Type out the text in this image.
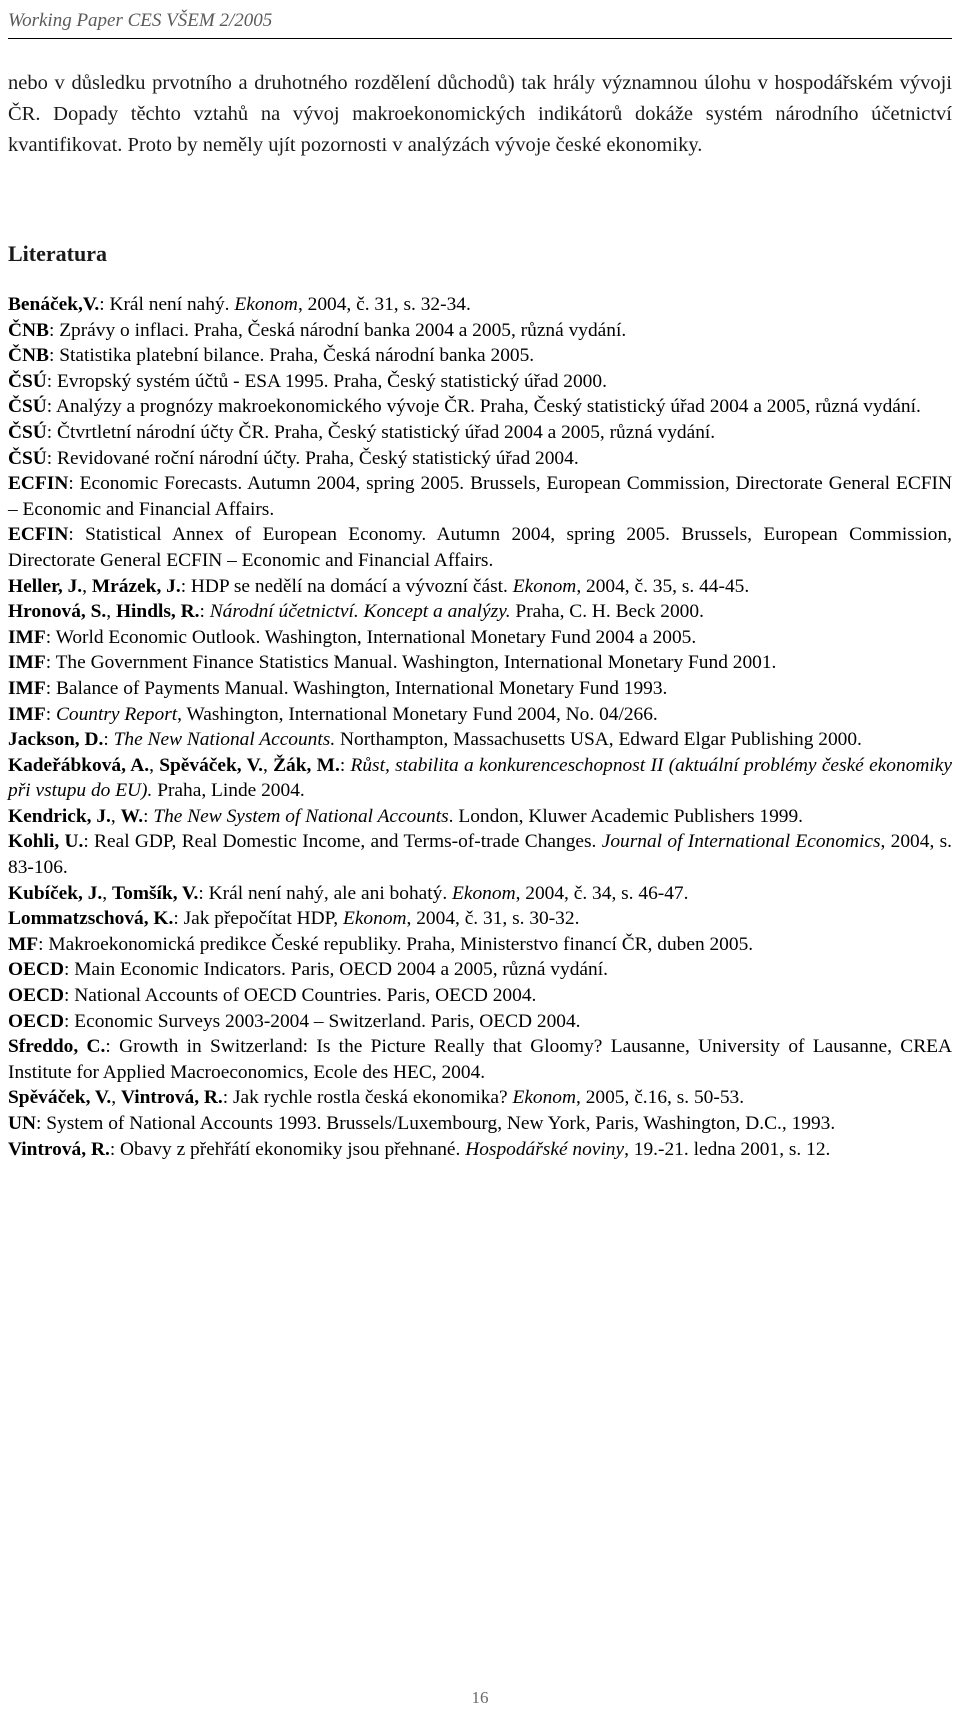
Working Paper CES VŠEM 2/2005

nebo v důsledku prvotního a druhotného rozdělení důchodů) tak hrály významnou úlohu v hospodářském vývoji ČR. Dopady těchto vztahů na vývoj makroekonomických indikátorů dokáže systém národního účetnictví kvantifikovat. Proto by neměly ujít pozornosti v analýzách vývoje české ekonomiky.

Literatura

Benáček,V.: Král není nahý. Ekonom, 2004, č. 31, s. 32-34.

ČNB: Zprávy o inflaci. Praha, Česká národní banka 2004 a 2005, různá vydání.

ČNB: Statistika platební bilance. Praha, Česká národní banka 2005.

ČSÚ: Evropský systém účtů - ESA 1995. Praha, Český statistický úřad 2000.

ČSÚ: Analýzy a prognózy makroekonomického vývoje ČR. Praha, Český statistický úřad 2004 a 2005, různá vydání.

ČSÚ: Čtvrtletní národní účty ČR. Praha, Český statistický úřad 2004 a 2005, různá vydání.

ČSÚ: Revidované roční národní účty. Praha, Český statistický úřad 2004.

ECFIN: Economic Forecasts. Autumn 2004, spring 2005. Brussels, European Commission, Directorate General ECFIN – Economic and Financial Affairs.

ECFIN: Statistical Annex of European Economy. Autumn 2004, spring 2005. Brussels, European Commission, Directorate General ECFIN – Economic and Financial Affairs.

Heller, J., Mrázek, J.: HDP se nedělí na domácí a vývozní část. Ekonom, 2004, č. 35, s. 44-45.

Hronová, S., Hindls, R.: Národní účetnictví. Koncept a analýzy. Praha, C. H. Beck 2000.

IMF: World Economic Outlook. Washington, International Monetary Fund 2004 a 2005.

IMF: The Government Finance Statistics Manual. Washington, International Monetary Fund 2001.

IMF: Balance of Payments Manual. Washington, International Monetary Fund 1993.

IMF: Country Report, Washington, International Monetary Fund 2004, No. 04/266.

Jackson, D.: The New National Accounts. Northampton, Massachusetts USA, Edward Elgar Publishing 2000.

Kadeřábková, A., Spěváček, V., Žák, M.: Růst, stabilita a konkurenceschopnost II (aktuální problémy české ekonomiky při vstupu do EU). Praha, Linde 2004.

Kendrick, J., W.: The New System of National Accounts. London, Kluwer Academic Publishers 1999.

Kohli, U.: Real GDP, Real Domestic Income, and Terms-of-trade Changes. Journal of International Economics, 2004, s. 83-106.

Kubíček, J., Tomšík, V.: Král není nahý, ale ani bohatý. Ekonom, 2004, č. 34, s. 46-47.

Lommatzschová, K.: Jak přepočítat HDP, Ekonom, 2004, č. 31, s. 30-32.

MF: Makroekonomická predikce České republiky. Praha, Ministerstvo financí ČR, duben 2005.

OECD: Main Economic Indicators. Paris, OECD 2004 a 2005, různá vydání.

OECD: National Accounts of OECD Countries. Paris, OECD 2004.

OECD: Economic Surveys 2003-2004 – Switzerland. Paris, OECD 2004.

Sfreddo, C.: Growth in Switzerland: Is the Picture Really that Gloomy? Lausanne, University of Lausanne, CREA Institute for Applied Macroeconomics, Ecole des HEC, 2004.

Spěváček, V., Vintrová, R.: Jak rychle rostla česká ekonomika? Ekonom, 2005, č.16, s. 50-53.

UN: System of National Accounts 1993. Brussels/Luxembourg, New York, Paris, Washington, D.C., 1993.

Vintrová, R.: Obavy z přehřátí ekonomiky jsou přehnané. Hospodářské noviny, 19.-21. ledna 2001, s. 12.

16
